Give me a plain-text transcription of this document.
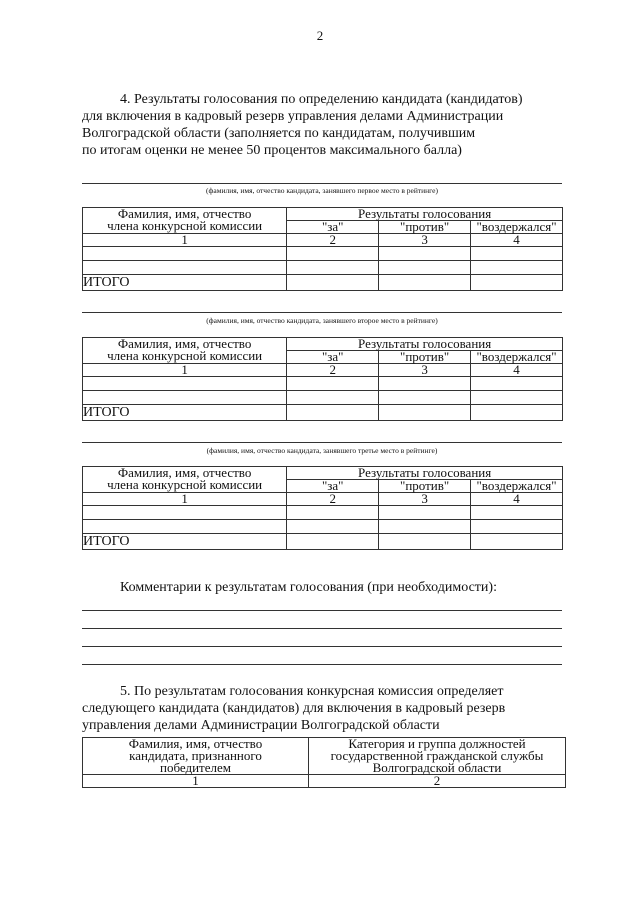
2
4. Результаты голосования по определению кандидата (кандидатов)
для включения в кадровый резерв управления делами Администрации
Волгоградской области (заполняется по кандидатам, получившим
по итогам оценки не менее 50 процентов максимального балла)
(фамилия, имя, отчество кандидата, занявшего первое место в рейтинге)
Фамилия, имя, отчество
члена конкурсной комиссии	Результаты голосования		
	"за"	"против"	"воздержался"
1	2	3	4

ИТОГО			
(фамилия, имя, отчество кандидата, занявшего второе место в рейтинге)
Фамилия, имя, отчество
члена конкурсной комиссии	Результаты голосования		
	"за"	"против"	"воздержался"
1	2	3	4

ИТОГО			
(фамилия, имя, отчество кандидата, занявшего третье место в рейтинге)
Фамилия, имя, отчество
члена конкурсной комиссии	Результаты голосования		
	"за"	"против"	"воздержался"
1	2	3	4

ИТОГО			
Комментарии к результатам голосования (при необходимости):
5. По результатам голосования конкурсная комиссия определяет
следующего кандидата (кандидатов) для включения в кадровый резерв
управления делами Администрации Волгоградской области
Фамилия, имя, отчество
кандидата, признанного
победителем	Категория и группа должностей
государственной гражданской службы
Волгоградской области
1	2
